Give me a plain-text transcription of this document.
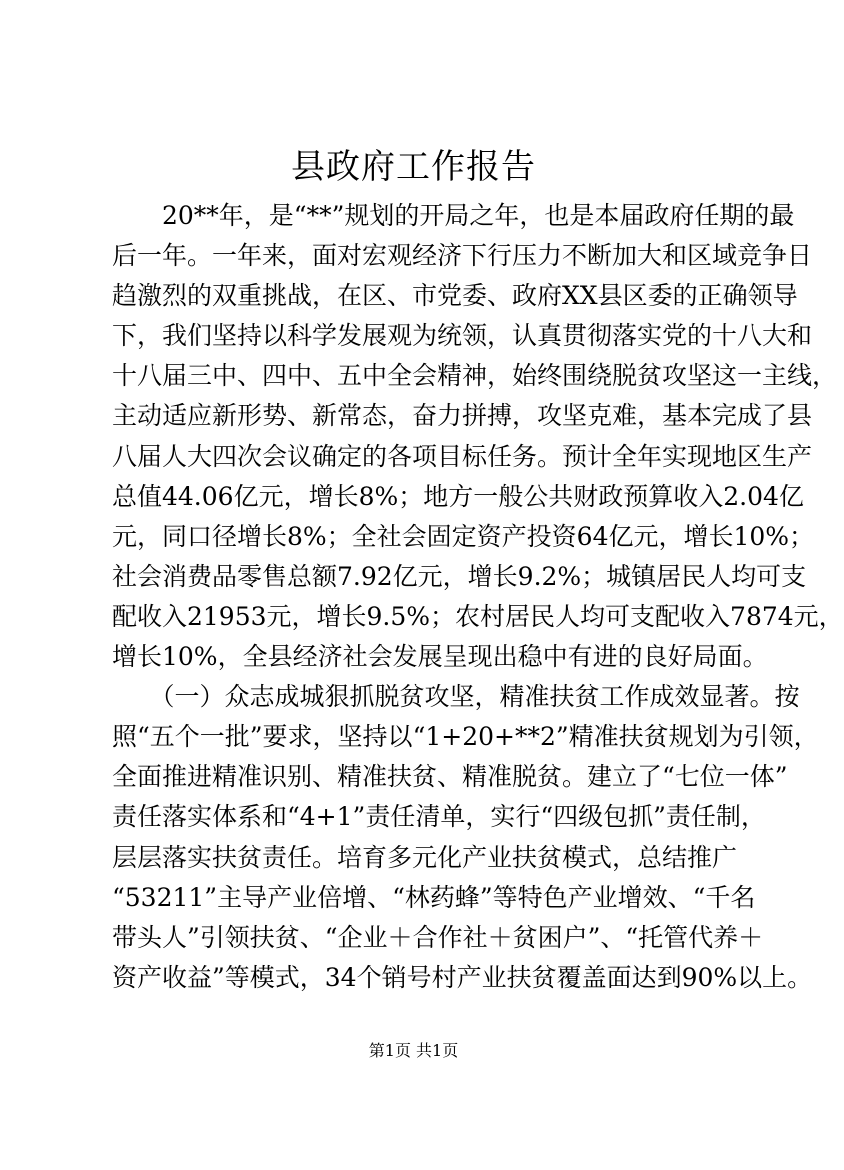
县政府工作报告
　　20**年，是“**”规划的开局之年，也是本届政府任期的最
后一年。一年来，面对宏观经济下行压力不断加大和区域竞争日
趋激烈的双重挑战，在区、市党委、政府XX县区委的正确领导
下，我们坚持以科学发展观为统领，认真贯彻落实党的十八大和
十八届三中、四中、五中全会精神，始终围绕脱贫攻坚这一主线，
主动适应新形势、新常态，奋力拼搏，攻坚克难，基本完成了县
八届人大四次会议确定的各项目标任务。预计全年实现地区生产
总值44.06亿元，增长8%；地方一般公共财政预算收入2.04亿
元，同口径增长8%；全社会固定资产投资64亿元，增长10%；
社会消费品零售总额7.92亿元，增长9.2%；城镇居民人均可支
配收入21953元，增长9.5%；农村居民人均可支配收入7874元，
增长10%，全县经济社会发展呈现出稳中有进的良好局面。
　　（一）众志成城狠抓脱贫攻坚，精准扶贫工作成效显著。按
照“五个一批”要求，坚持以“1+20+**2”精准扶贫规划为引领，
全面推进精准识别、精准扶贫、精准脱贫。建立了“七位一体”
责任落实体系和“4+1”责任清单，实行“四级包抓”责任制，
层层落实扶贫责任。培育多元化产业扶贫模式，总结推广
“53211”主导产业倍增、“林药蜂”等特色产业增效、“千名
带头人”引领扶贫、“企业＋合作社＋贫困户”、“托管代养＋
资产收益”等模式，34个销号村产业扶贫覆盖面达到90%以上。
第1页 共1页
